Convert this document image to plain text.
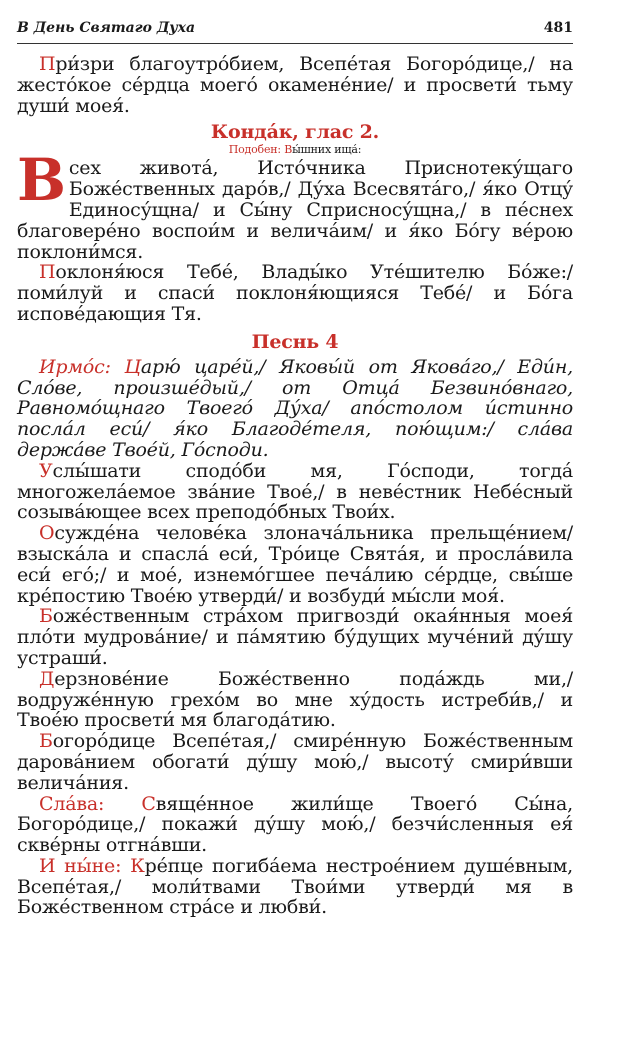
В День Святаго Духа	481

При́зри благоутро́бием, Всепе́тая Богоро́дице,/ на жесто́кое се́рдца моего́ окамене́ние/ и просвети́ тьму души́ моея́.

Конда́к, глас 2.
Подобен: Вы́шних ища́:

Всех живота́, Исто́чника Приснотеку́щаго Боже́ственных даро́в,/ Ду́ха Всесвята́го,/ я́ко Отцу́ Единосу́щна/ и Сы́ну Сприсносу́щна,/ в пе́снех благовере́но воспои́м и велича́им/ и я́ко Бо́гу ве́рою поклони́мся.

Поклоня́юся Тебе́, Влады́ко Уте́шителю Бо́же:/ поми́луй и спаси́ поклоня́ющияся Тебе́/ и Бо́га испове́дающия Тя.

Песнь 4

Ирмо́с: Царю́ царе́й,/ Яковы́й от Якова́го,/ Еди́н, Сло́ве, произше́дый,/ от Отца́ Безвино́внаго, Равномо́щнаго Твоего́ Ду́ха/ апо́столом и́стинно посла́л еси́/ я́ко Благоде́теля, пою́щим:/ сла́ва держа́ве Твое́й, Го́споди.

Услы́шати сподо́би мя, Го́споди, тогда́ многожела́емое зва́ние Твое́,/ в неве́стник Небе́сный созыва́ющее всех преподо́бных Твои́х.

Осужде́на челове́ка злонача́льника прельще́нием/ взыска́ла и спасла́ еси́, Тро́ице Свята́я, и просла́вила еси́ его́;/ и мое́, изнемо́гшее печа́лию се́рдце, свы́ше кре́постию Твое́ю утверди́/ и возбуди́ мы́сли моя́.

Боже́ственным стра́хом пригвозди́ окая́нныя моея́ пло́ти мудрова́ние/ и па́мятию бу́дущих муче́ний ду́шу устраши́.

Дерзнове́ние Боже́ственно пода́ждь ми,/ водруже́нную грехо́м во мне ху́дость истреби́в,/ и Твое́ю просвети́ мя благода́тию.

Богоро́дице Всепе́тая,/ смире́нную Боже́ственным дарова́нием обогати́ ду́шу мою́,/ высоту́ смири́вши велича́ния.

Сла́ва: Свяще́нное жили́ще Твоего́ Сы́на, Богоро́дице,/ покажи́ ду́шу мою́,/ безчи́сленныя ея́ скве́рны отгна́вши.

И ны́не: Кре́пце погиба́ема нестрое́нием душе́вным, Всепе́тая,/ моли́твами Твои́ми утверди́ мя в Боже́ственном стра́се и любви́.
